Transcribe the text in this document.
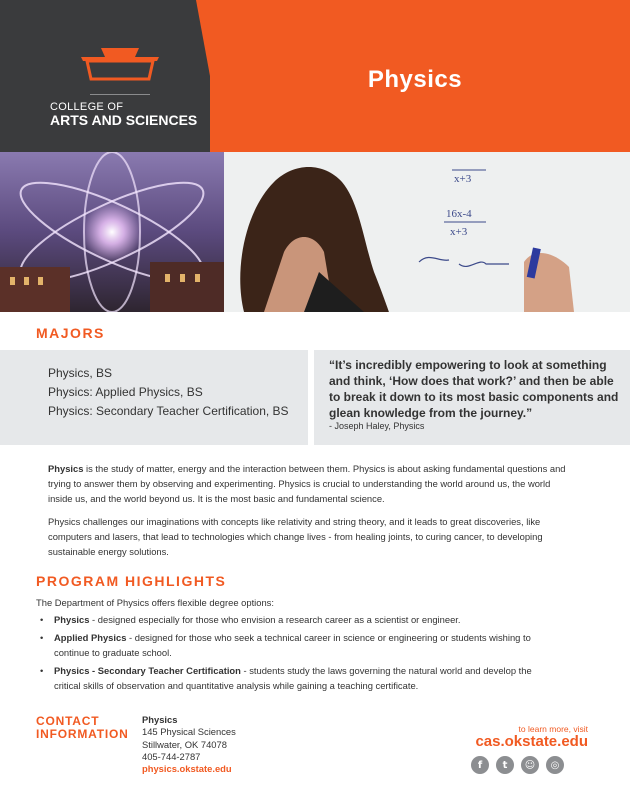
COLLEGE OF
ARTS AND SCIENCES
Physics
x+3
16x-4
x+3
MAJORS
Physics, BS
Physics: Applied Physics, BS
Physics: Secondary Teacher Certification, BS
“It’s incredibly empowering to look at something and think, ‘How does that work?’ and then be able to break it down to its most basic components and glean knowledge from the journey.”
- Joseph Haley, Physics
Physics is the study of matter, energy and the interaction between them. Physics is about asking fundamental questions and trying to answer them by observing and experimenting. Physics is crucial to understanding the world around us, the world inside us, and the world beyond us. It is the most basic and fundamental science.
Physics challenges our imaginations with concepts like relativity and string theory, and it leads to great discoveries, like computers and lasers, that lead to technologies which change lives - from healing joints, to curing cancer, to developing sustainable energy solutions.
PROGRAM HIGHLIGHTS
The Department of Physics offers flexible degree options:
• Physics - designed especially for those who envision a research career as a scientist or engineer.
• Applied Physics - designed for those who seek a technical career in science or engineering or students wishing to continue to graduate school.
• Physics - Secondary Teacher Certification - students study the laws governing the natural world and develop the critical skills of observation and quantitative analysis while gaining a teaching certificate.
CONTACT
INFORMATION
Physics
145 Physical Sciences
Stillwater, OK 74078
405-744-2787
physics.okstate.edu
to learn more, visit
cas.okstate.edu
f	t	☺	◎
